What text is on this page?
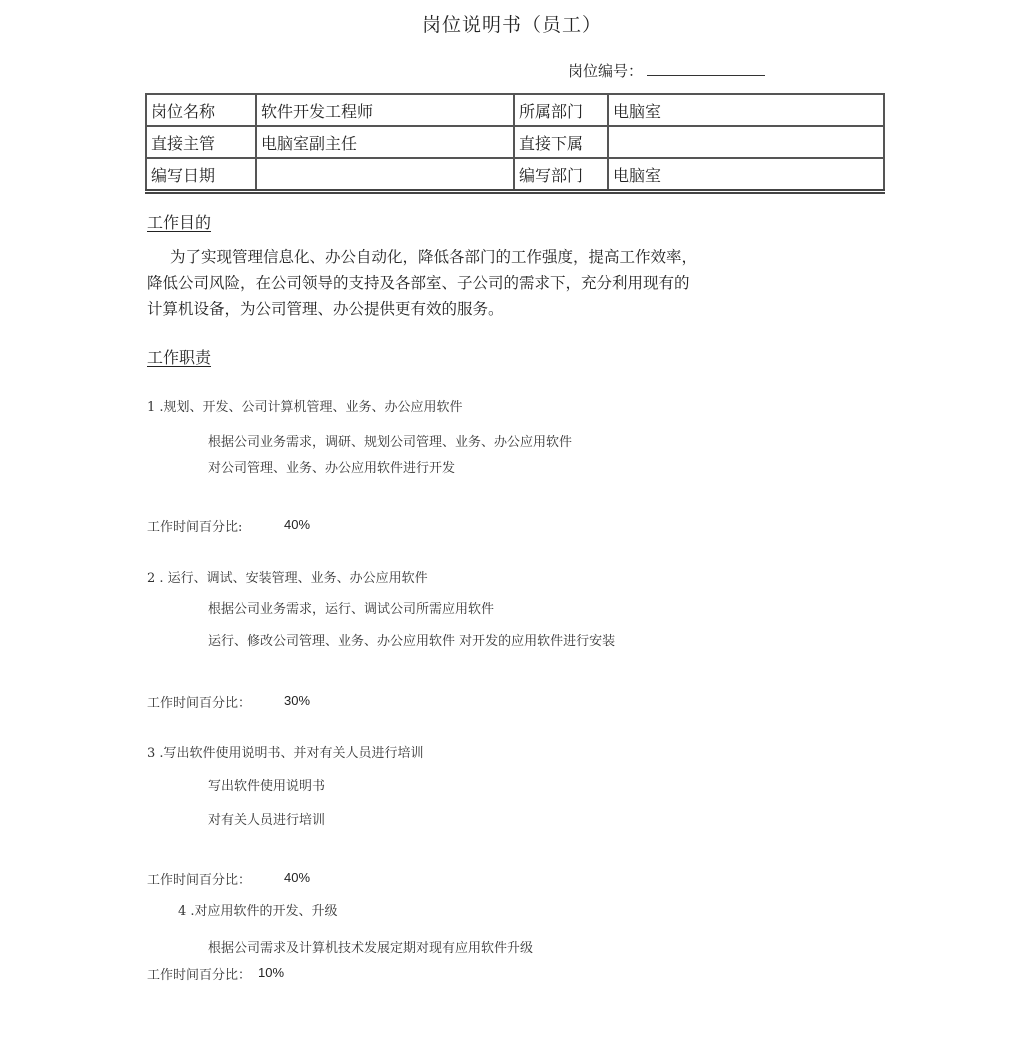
岗位说明书（员工）
岗位编号：
岗位名称	软件开发工程师	所属部门	电脑室
直接主管	电脑室副主任	直接下属	
编写日期		编写部门	电脑室
工作目的
为了实现管理信息化、办公自动化，降低各部门的工作强度，提高工作效率，
降低公司风险，在公司领导的支持及各部室、子公司的需求下，充分利用现有的
计算机设备，为公司管理、办公提供更有效的服务。
工作职责
1 .规划、开发、公司计算机管理、业务、办公应用软件
根据公司业务需求，调研、规划公司管理、业务、办公应用软件
对公司管理、业务、办公应用软件进行开发
工作时间百分比:	40%
2 . 运行、调试、安装管理、业务、办公应用软件
根据公司业务需求，运行、调试公司所需应用软件
运行、修改公司管理、业务、办公应用软件 对开发的应用软件进行安装
工作时间百分比：	30%
3 .写出软件使用说明书、并对有关人员进行培训
写出软件使用说明书
对有关人员进行培训
工作时间百分比：	40%
4 .对应用软件的开发、升级
根据公司需求及计算机技术发展定期对现有应用软件升级
工作时间百分比： 10%
